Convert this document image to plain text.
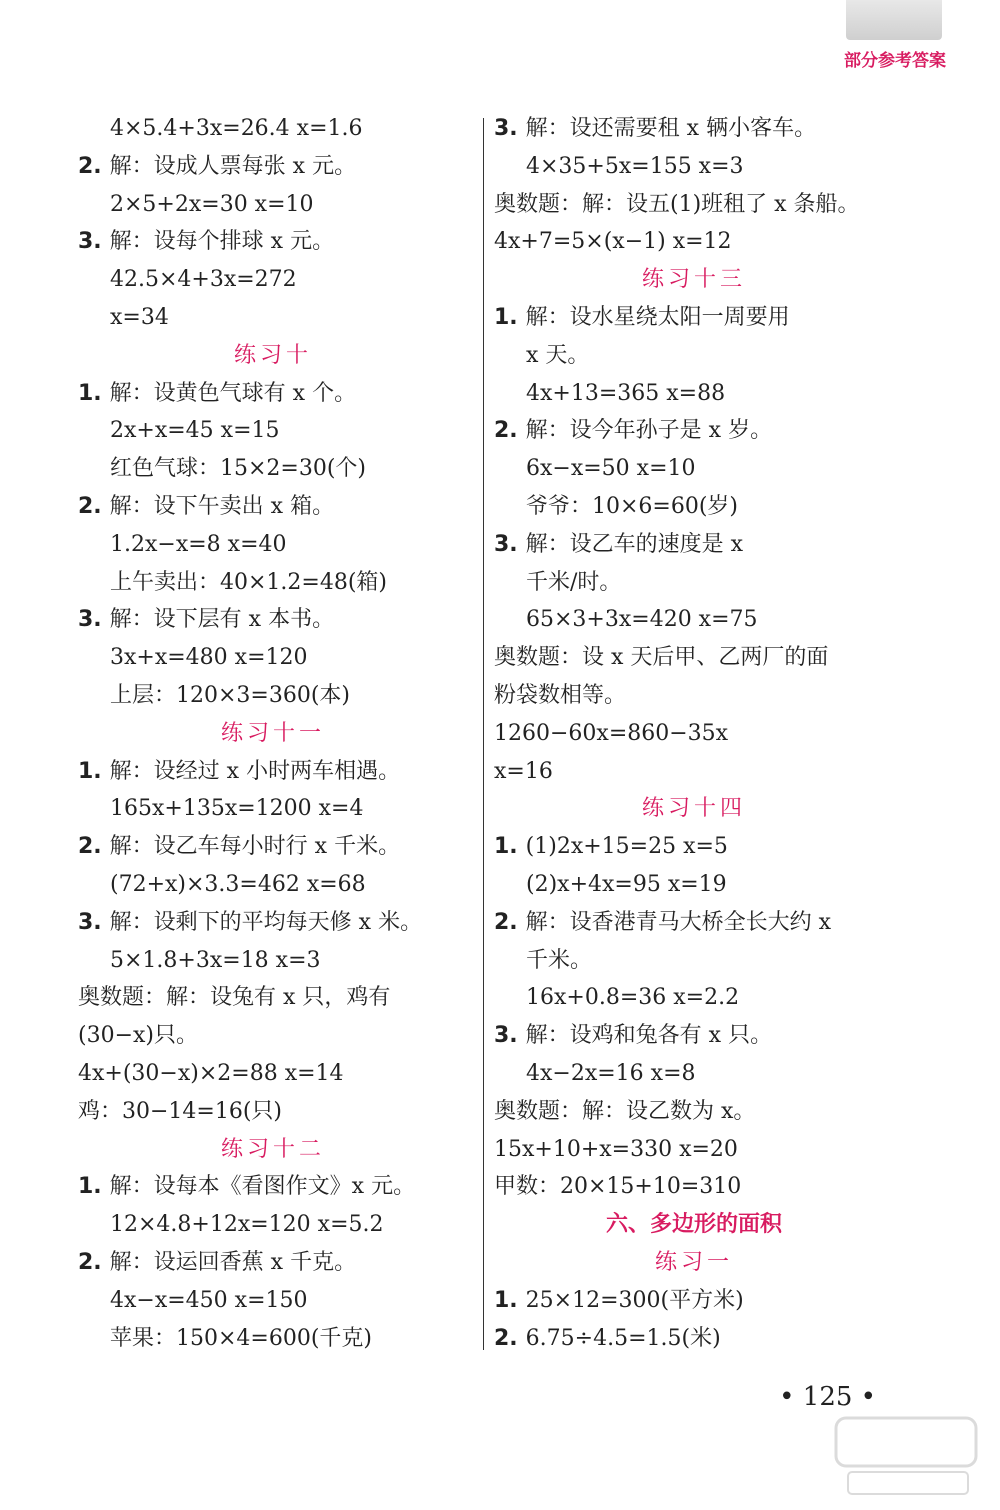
部分参考答案
4×5.4+3x=26.4 x=1.6
2. 解：设成人票每张 x 元。
2×5+2x=30 x=10
3. 解：设每个排球 x 元。
42.5×4+3x=272
x=34
练习十
1. 解：设黄色气球有 x 个。
2x+x=45 x=15
红色气球：15×2=30(个)
2. 解：设下午卖出 x 箱。
1.2x−x=8 x=40
上午卖出：40×1.2=48(箱)
3. 解：设下层有 x 本书。
3x+x=480 x=120
上层：120×3=360(本)
练习十一
1. 解：设经过 x 小时两车相遇。
165x+135x=1200 x=4
2. 解：设乙车每小时行 x 千米。
(72+x)×3.3=462 x=68
3. 解：设剩下的平均每天修 x 米。
5×1.8+3x=18 x=3
奥数题：解：设兔有 x 只，鸡有
(30−x)只。
4x+(30−x)×2=88 x=14
鸡：30−14=16(只)
练习十二
1. 解：设每本《看图作文》x 元。
12×4.8+12x=120 x=5.2
2. 解：设运回香蕉 x 千克。
4x−x=450 x=150
苹果：150×4=600(千克)
3. 解：设还需要租 x 辆小客车。
4×35+5x=155 x=3
奥数题：解：设五(1)班租了 x 条船。
4x+7=5×(x−1) x=12
练习十三
1. 解：设水星绕太阳一周要用
x 天。
4x+13=365 x=88
2. 解：设今年孙子是 x 岁。
6x−x=50 x=10
爷爷：10×6=60(岁)
3. 解：设乙车的速度是 x
千米/时。
65×3+3x=420 x=75
奥数题：设 x 天后甲、乙两厂的面
粉袋数相等。
1260−60x=860−35x
x=16
练习十四
1. (1)2x+15=25 x=5
(2)x+4x=95 x=19
2. 解：设香港青马大桥全长大约 x
千米。
16x+0.8=36 x=2.2
3. 解：设鸡和兔各有 x 只。
4x−2x=16 x=8
奥数题：解：设乙数为 x。
15x+10+x=330 x=20
甲数：20×15+10=310
六、多边形的面积
练习一
1. 25×12=300(平方米)
2. 6.75÷4.5=1.5(米)
• 125 •
